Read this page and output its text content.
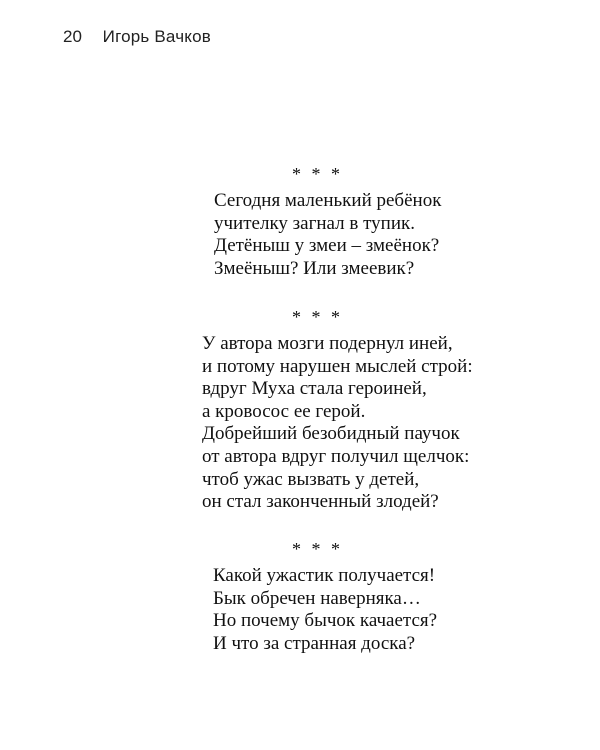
20 Игорь Вачков
* * *
Сегодня маленький ребёнок
учителку загнал в тупик.
Детёныш у змеи – змеёнок?
Змеёныш? Или змеевик?
* * *
У автора мозги подернул иней,
и потому нарушен мыслей строй:
вдруг Муха стала героиней,
а кровосос ее герой.
Добрейший безобидный паучок
от автора вдруг получил щелчок:
чтоб ужас вызвать у детей,
он стал законченный злодей?
* * *
Какой ужастик получается!
Бык обречен наверняка…
Но почему бычок качается?
И что за странная доска?
